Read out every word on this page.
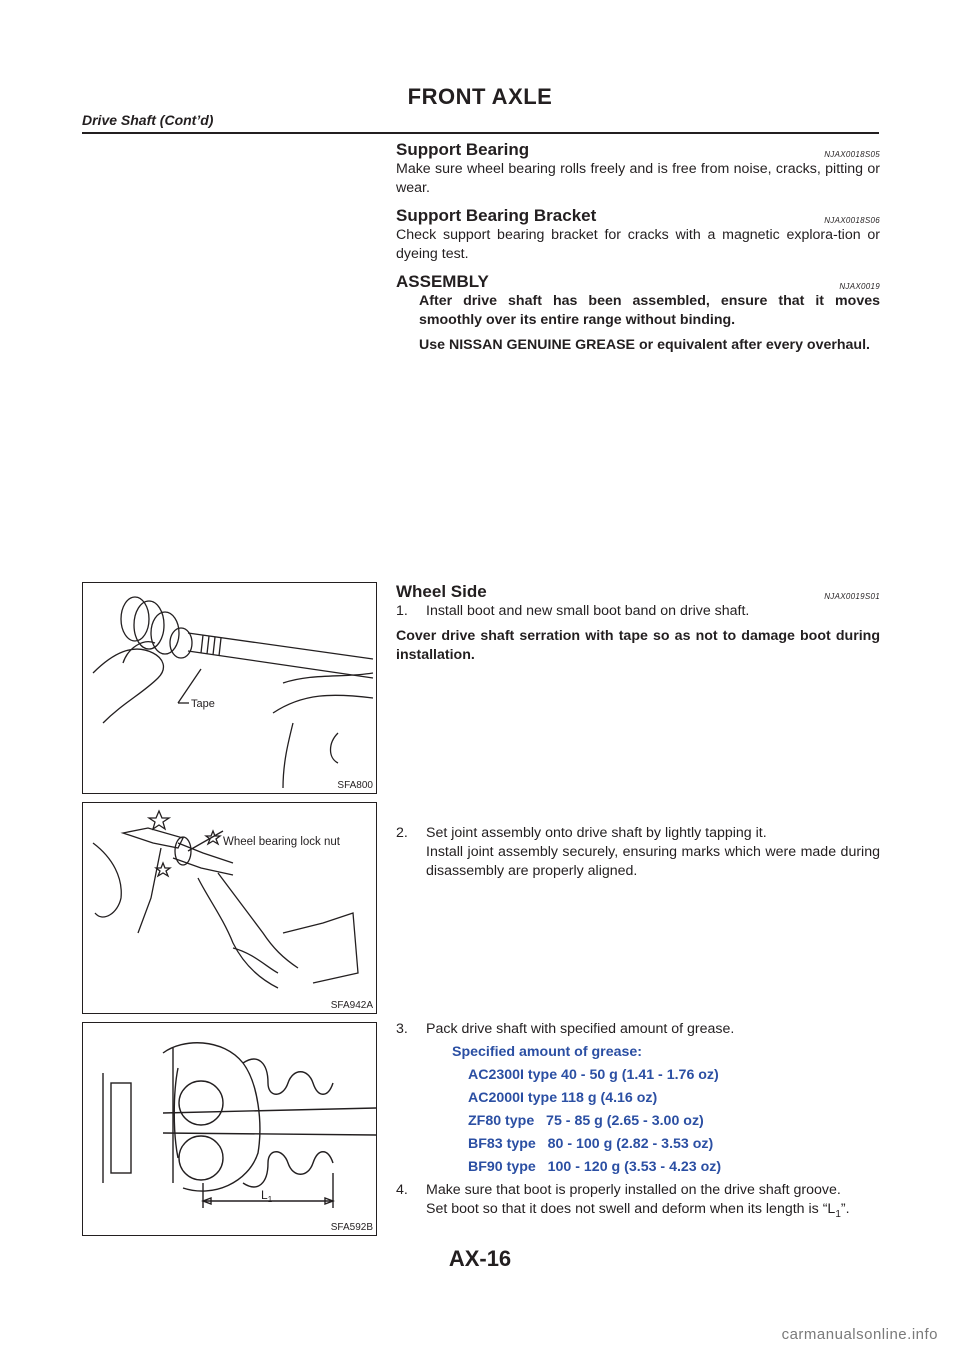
FRONT AXLE
Drive Shaft (Cont’d)
Support Bearing	NJAX0018S05

Make sure wheel bearing rolls freely and is free from noise, cracks, pitting or wear.

Support Bearing Bracket	NJAX0018S06

Check support bearing bracket for cracks with a magnetic explora-tion or dyeing test.

ASSEMBLY	NJAX0019

After drive shaft has been assembled, ensure that it moves smoothly over its entire range without binding.

Use NISSAN GENUINE GREASE or equivalent after every overhaul.

Tape
SFA800
Wheel Side	NJAX0019S01

1.	Install boot and new small boot band on drive shaft.

Cover drive shaft serration with tape so as not to damage boot during installation.

Wheel bearing lock nut
SFA942A

2.	Set joint assembly onto drive shaft by lightly tapping it.

Install joint assembly securely, ensuring marks which were made during disassembly are properly aligned.

$L_1$
SFA592B

3.	Pack drive shaft with specified amount of grease.

Specified amount of grease:
AC2300I type 40 - 50 g (1.41 - 1.76 oz)
AC2000I type 118 g (4.16 oz)
ZF80 type   75 - 85 g (2.65 - 3.00 oz)
BF83 type   80 - 100 g (2.82 - 3.53 oz)
BF90 type   100 - 120 g (3.53 - 4.23 oz)

4.	Make sure that boot is properly installed on the drive shaft groove.

Set boot so that it does not swell and deform when its length is “$L_1$”.

AX-16
carmanualsonline.info
